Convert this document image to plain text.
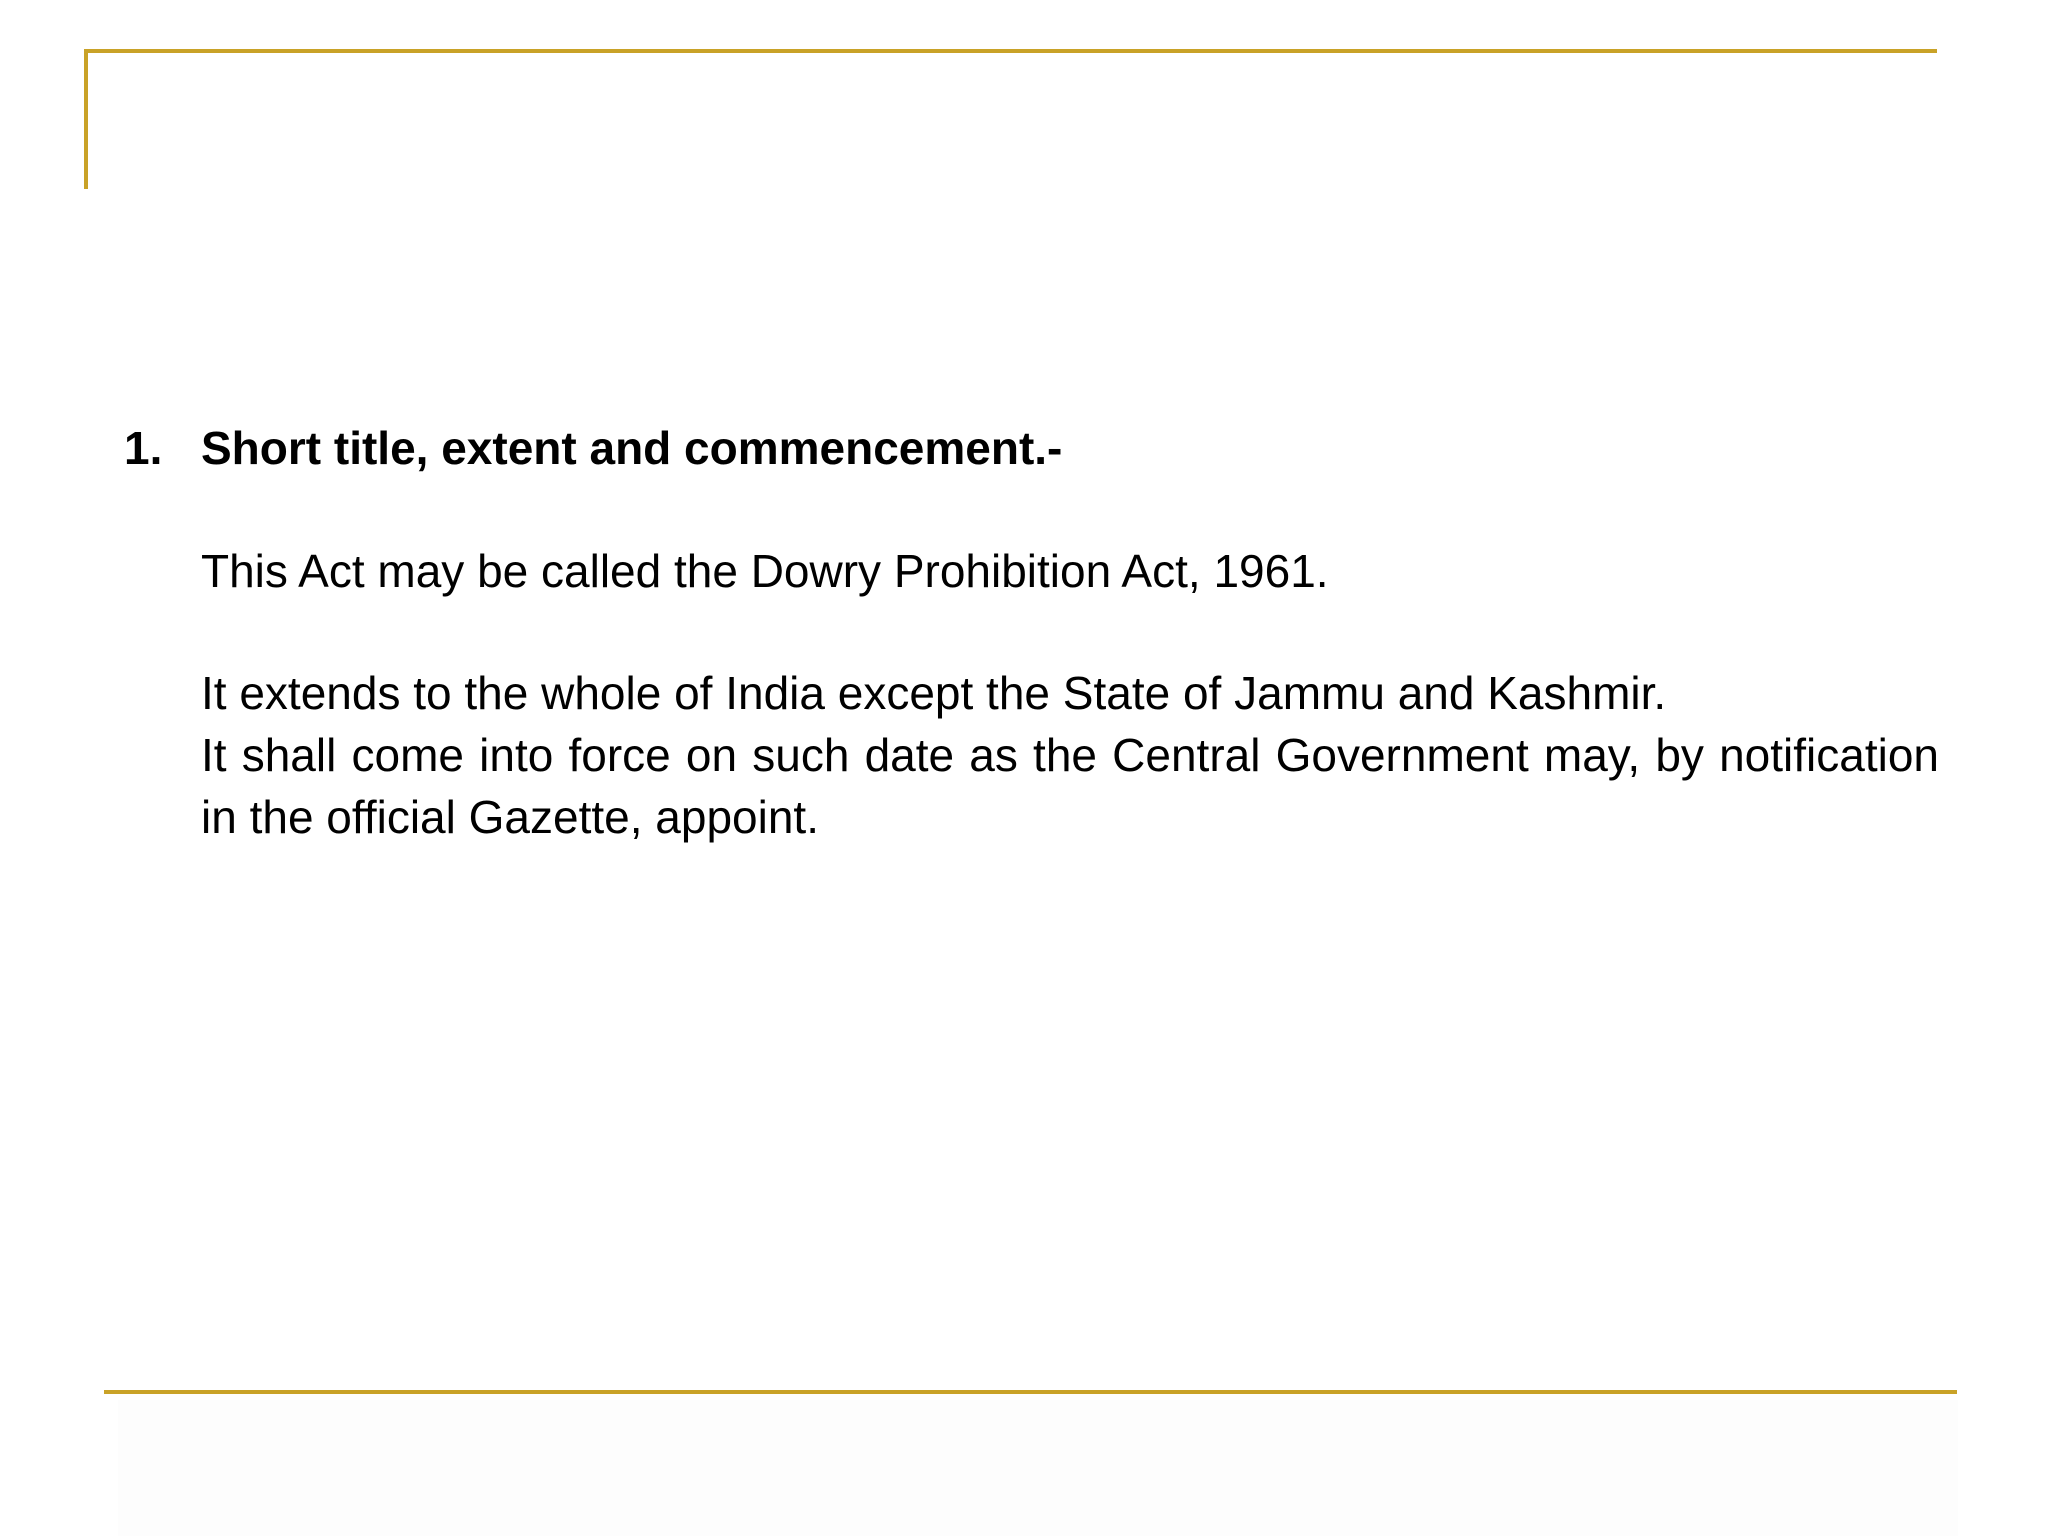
1. Short title, extent and commencement.-
This Act may be called the Dowry Prohibition Act, 1961.
It extends to the whole of India except the State of Jammu and Kashmir.
It shall come into force on such date as the Central Government may, by notification in the official Gazette, appoint.
